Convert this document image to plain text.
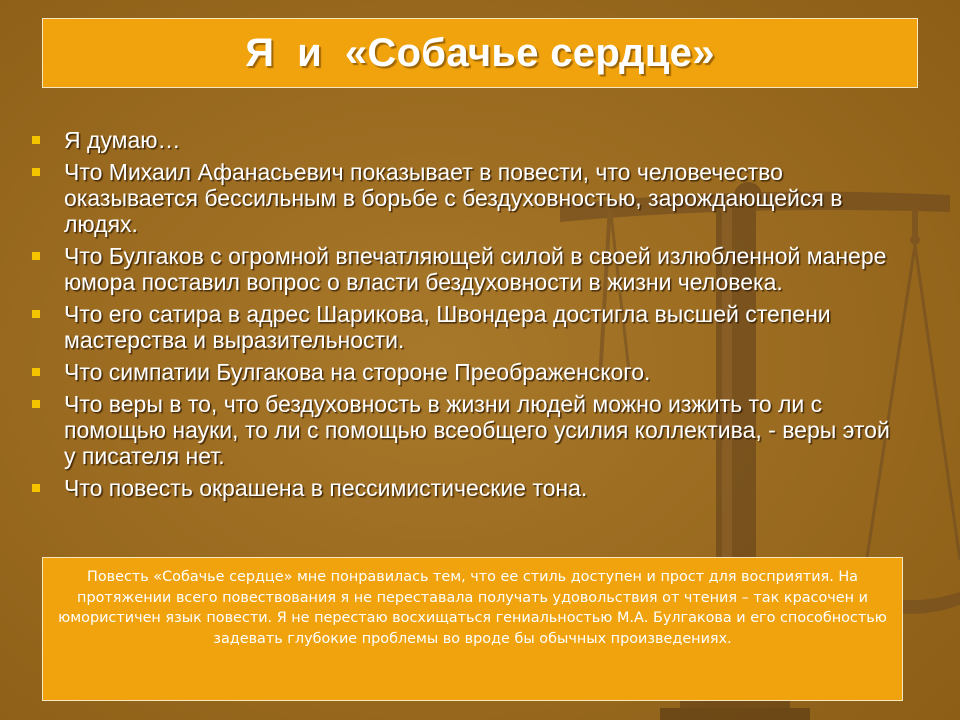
Я  и  «Собачье сердце»
Я думаю…
Что Михаил Афанасьевич показывает в повести, что человечество оказывается бессильным в борьбе с бездуховностью, зарождающейся в людях.
Что Булгаков с огромной впечатляющей силой в своей излюбленной манере юмора поставил вопрос о власти бездуховности в жизни человека.
Что его сатира в адрес Шарикова, Швондера достигла высшей степени мастерства и выразительности.
Что симпатии Булгакова на стороне Преображенского.
Что веры в то, что бездуховность в жизни людей можно изжить то ли с помощью науки, то ли с помощью всеобщего усилия коллектива, - веры этой у писателя нет.
Что повесть окрашена в пессимистические тона.

Повесть «Собачье сердце» мне понравилась тем, что ее стиль доступен и прост для восприятия. На протяжении всего повествования я не переставала получать удовольствия от чтения – так красочен и юмористичен язык повести. Я не перестаю восхищаться гениальностью М.А. Булгакова и его способностью задевать глубокие проблемы во вроде бы обычных произведениях.
